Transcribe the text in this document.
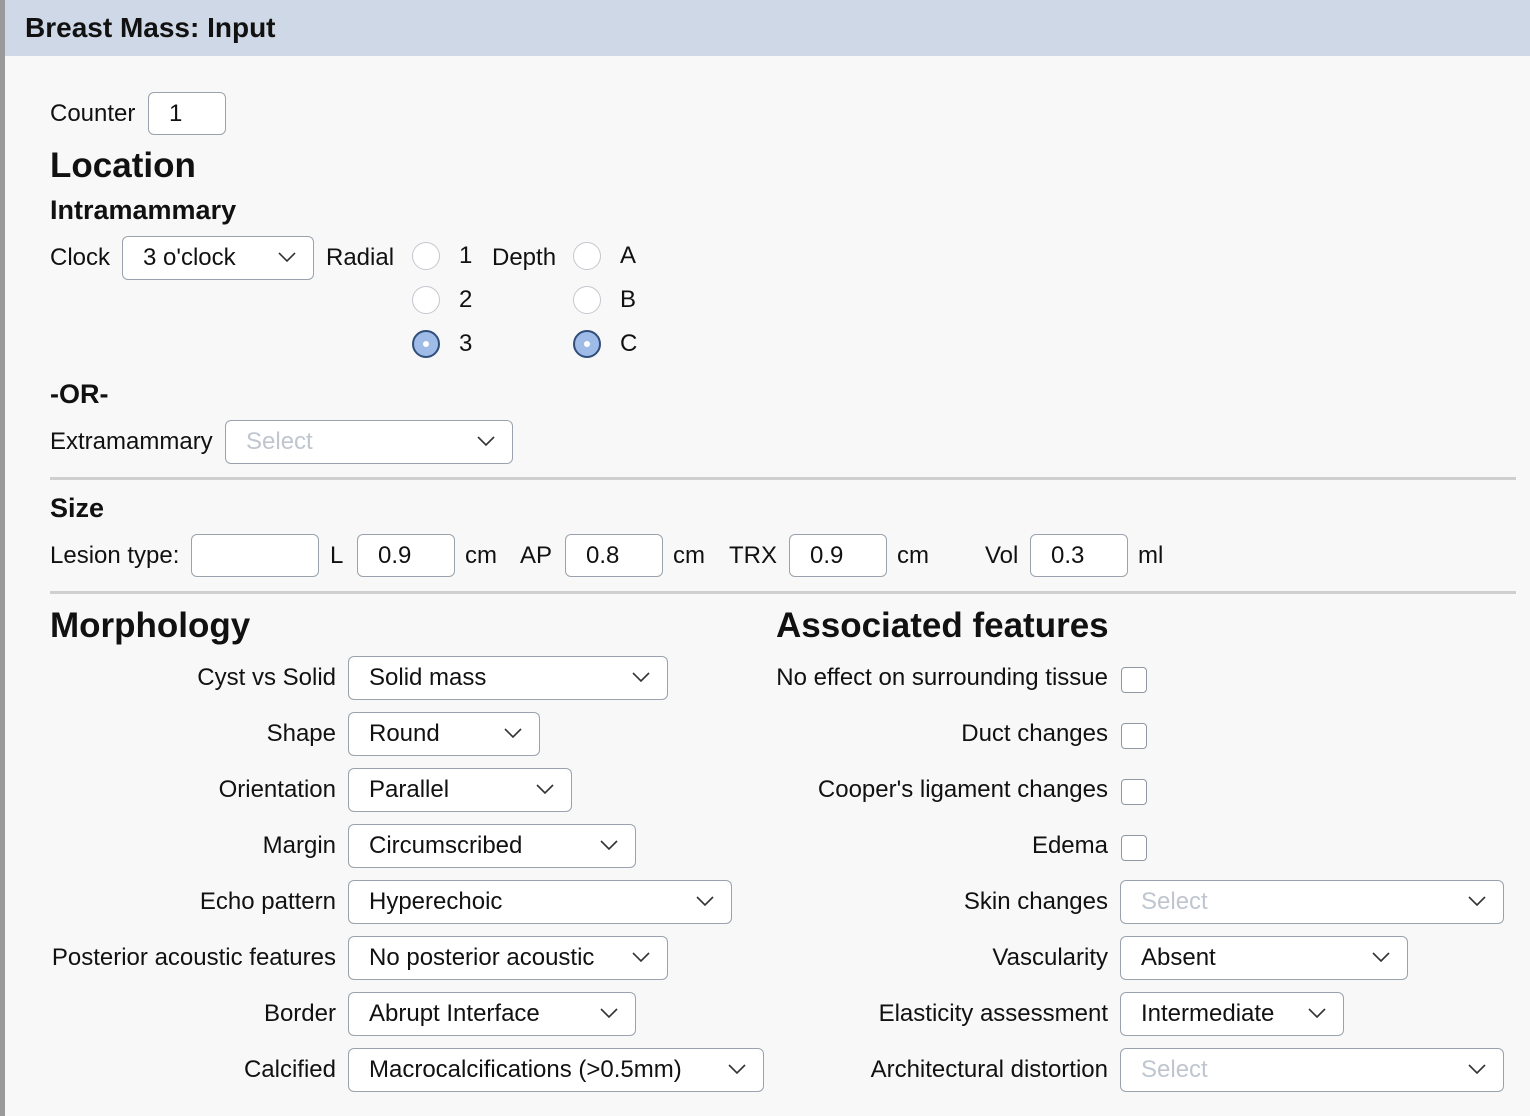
Breast Mass: Input
Counter
1
Location
Intramammary
Clock	3 o'clock	Radial	1
2
3
Depth	A
B
C
-OR-
Extramammary	Select
Size
Lesion type:	L
0.9	cm AP
0.8	cm TRX
0.9	cm Vol
0.3	ml
Morphology
Cyst vs Solid	Solid mass
Shape	Round
Orientation	Parallel
Margin	Circumscribed
Echo pattern	Hyperechoic
Posterior acoustic features	No posterior acoustic
Border	Abrupt Interface
Calcified	Macrocalcifications (>0.5mm)
Associated features
No effect on surrounding tissue
Duct changes
Cooper's ligament changes
Edema
Skin changes	Select
Vascularity	Absent
Elasticity assessment	Intermediate
Architectural distortion	Select
